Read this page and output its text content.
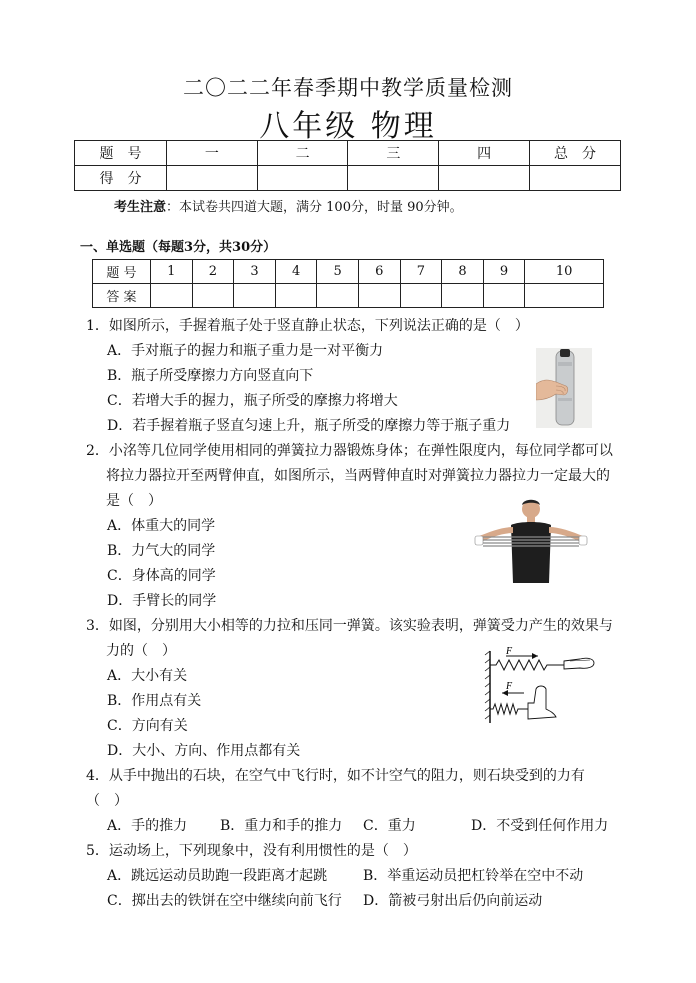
二〇二二年春季期中教学质量检测
八年级 物理
题　号	一	二	三	四	总　分
得　分					
考生注意：本试卷共四道大题，满分 100分，时量 90分钟。
一、单选题（每题3分，共30分）
题 号	1	2	3	4	5	6	7	8	9	10
答 案										
1．如图所示，手握着瓶子处于竖直静止状态，下列说法正确的是（　）
A．手对瓶子的握力和瓶子重力是一对平衡力
B．瓶子所受摩擦力方向竖直向下
C．若增大手的握力，瓶子所受的摩擦力将增大
D．若手握着瓶子竖直匀速上升，瓶子所受的摩擦力等于瓶子重力
2．小洺等几位同学使用相同的弹簧拉力器锻炼身体；在弹性限度内，每位同学都可以
将拉力器拉开至两臂伸直，如图所示，当两臂伸直时对弹簧拉力器拉力一定最大的
是（　）
A．体重大的同学
B．力气大的同学
C．身体高的同学
D．手臂长的同学
3．如图，分别用大小相等的力拉和压同一弹簧。该实验表明，弹簧受力产生的效果与
力的（　）
A．大小有关
B．作用点有关
C．方向有关
D．大小、方向、作用点都有关
F
F
4．从手中抛出的石块，在空气中飞行时，如不计空气的阻力，则石块受到的力有
（　）
A．手的推力 B．重力和手的推力 C．重力	D．不受到任何作用力
5．运动场上，下列现象中，没有利用惯性的是（　）
A．跳远运动员助跑一段距离才起跳	B．举重运动员把杠铃举在空中不动
C．掷出去的铁饼在空中继续向前飞行 D．箭被弓射出后仍向前运动
